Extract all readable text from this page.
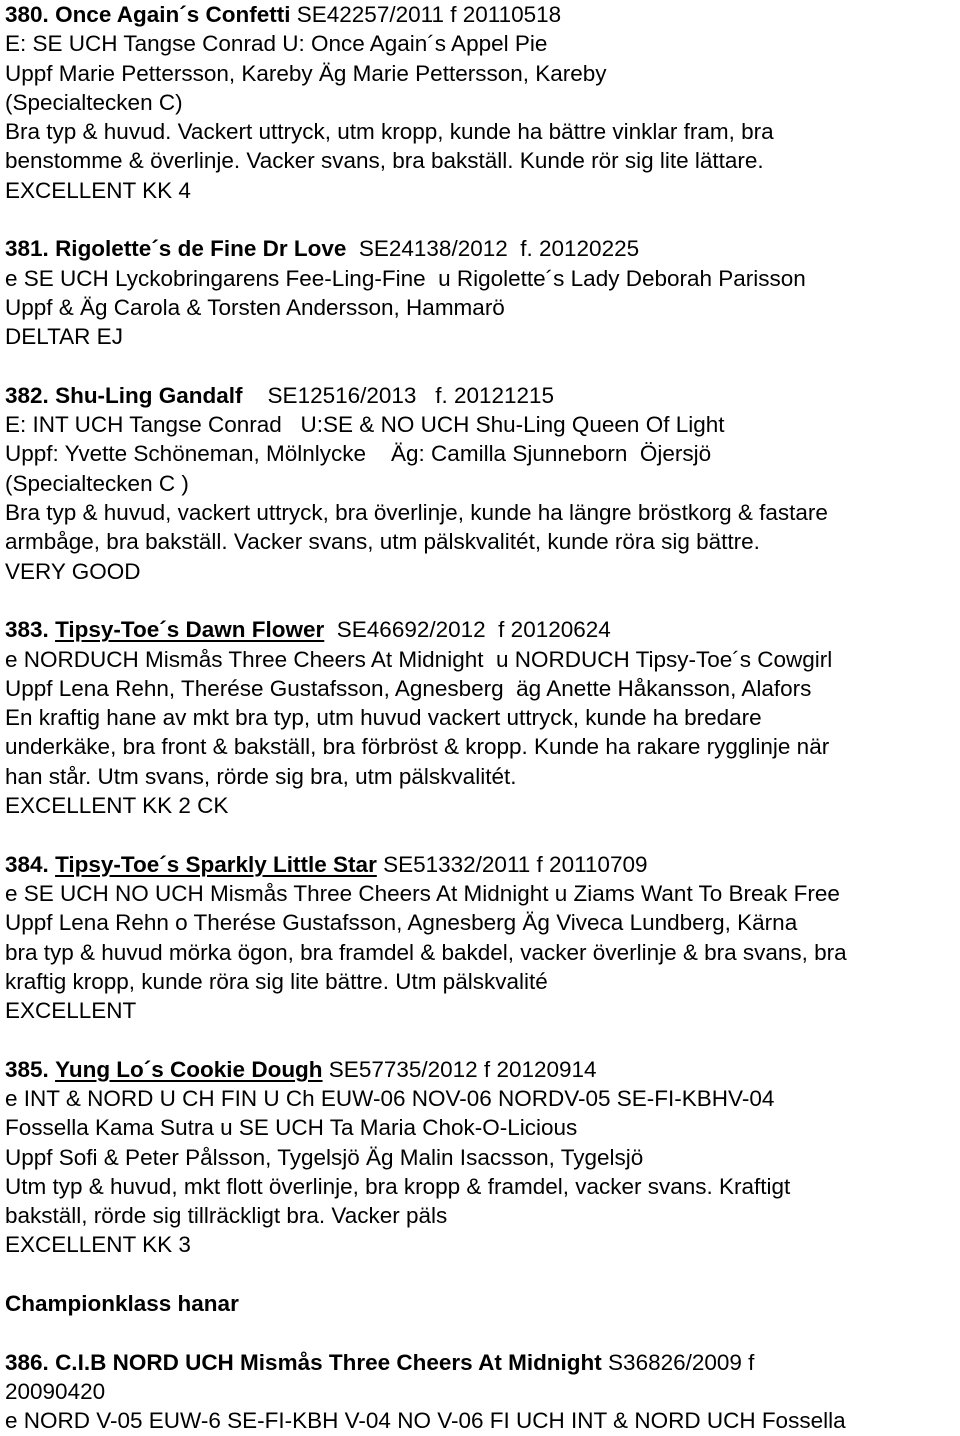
380. Once Again´s Confetti SE42257/2011 f 20110518
E: SE UCH Tangse Conrad U: Once Again´s Appel Pie
Uppf Marie Pettersson, Kareby Äg Marie Pettersson, Kareby
(Specialtecken C)
Bra typ & huvud. Vackert uttryck, utm kropp, kunde ha bättre vinklar fram, bra
benstomme & överlinje. Vacker svans, bra bakställ. Kunde rör sig lite lättare.
EXCELLENT KK 4
381. Rigolette´s de Fine Dr Love  SE24138/2012  f. 20120225
e SE UCH Lyckobringarens Fee-Ling-Fine  u Rigolette´s Lady Deborah Parisson
Uppf & Äg Carola & Torsten Andersson, Hammarö
DELTAR EJ
382. Shu-Ling Gandalf    SE12516/2013   f. 20121215
E: INT UCH Tangse Conrad   U:SE & NO UCH Shu-Ling Queen Of Light
Uppf: Yvette Schöneman, Mölnlycke    Äg: Camilla Sjunneborn  Öjersjö
(Specialtecken C )
Bra typ & huvud, vackert uttryck, bra överlinje, kunde ha längre bröstkorg & fastare
armbåge, bra bakställ. Vacker svans, utm pälskvalitét, kunde röra sig bättre.
VERY GOOD
383. Tipsy-Toe´s Dawn Flower  SE46692/2012  f 20120624
e NORDUCH Mismås Three Cheers At Midnight  u NORDUCH Tipsy-Toe´s Cowgirl
Uppf Lena Rehn, Therése Gustafsson, Agnesberg  äg Anette Håkansson, Alafors
En kraftig hane av mkt bra typ, utm huvud vackert uttryck, kunde ha bredare
underkäke, bra front & bakställ, bra förbröst & kropp. Kunde ha rakare rygglinje när
han står. Utm svans, rörde sig bra, utm pälskvalitét.
EXCELLENT KK 2 CK
384. Tipsy-Toe´s Sparkly Little Star SE51332/2011 f 20110709
e SE UCH NO UCH Mismås Three Cheers At Midnight u Ziams Want To Break Free
Uppf Lena Rehn o Therése Gustafsson, Agnesberg Äg Viveca Lundberg, Kärna
bra typ & huvud mörka ögon, bra framdel & bakdel, vacker överlinje & bra svans, bra
kraftig kropp, kunde röra sig lite bättre. Utm pälskvalité
EXCELLENT
385. Yung Lo´s Cookie Dough SE57735/2012 f 20120914
e INT & NORD U CH FIN U Ch EUW-06 NOV-06 NORDV-05 SE-FI-KBHV-04
Fossella Kama Sutra u SE UCH Ta Maria Chok-O-Licious
Uppf Sofi & Peter Pålsson, Tygelsjö Äg Malin Isacsson, Tygelsjö
Utm typ & huvud, mkt flott överlinje, bra kropp & framdel, vacker svans. Kraftigt
bakställ, rörde sig tillräckligt bra. Vacker päls
EXCELLENT KK 3
Championklass hanar
386. C.I.B NORD UCH Mismås Three Cheers At Midnight S36826/2009 f
20090420
e NORD V-05 EUW-6 SE-FI-KBH V-04 NO V-06 FI UCH INT & NORD UCH Fossella
